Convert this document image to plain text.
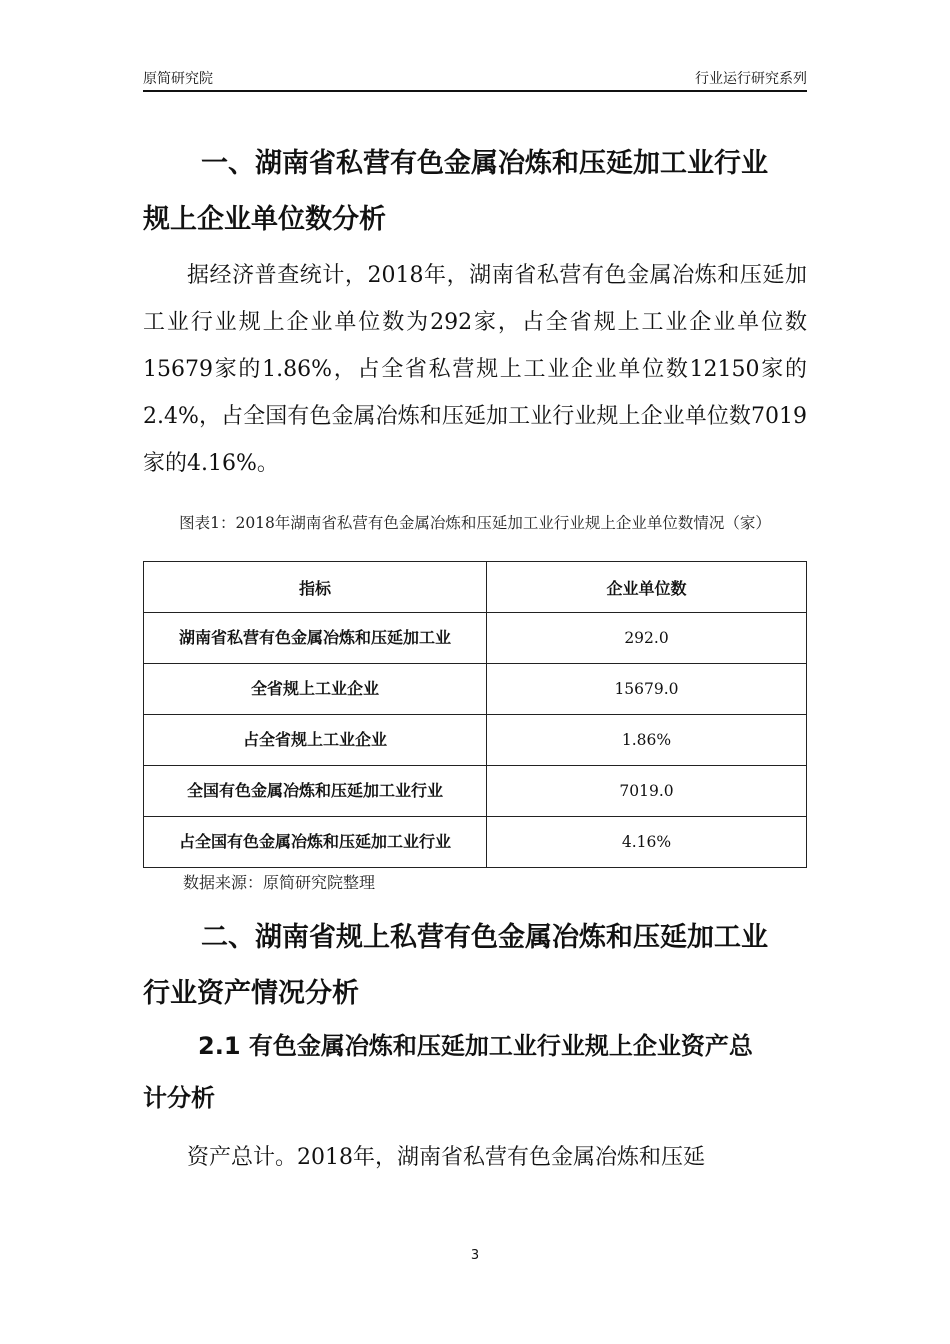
原简研究院	行业运行研究系列
一、湖南省私营有色金属冶炼和压延加工业行业
规上企业单位数分析
据经济普查统计，2018年，湖南省私营有色金属冶炼和压延加工业行业规上企业单位数为292家，占全省规上工业企业单位数15679家的1.86%，占全省私营规上工业企业单位数12150家的2.4%，占全国有色金属冶炼和压延加工业行业规上企业单位数7019家的4.16%。
图表1：2018年湖南省私营有色金属冶炼和压延加工业行业规上企业单位数情况（家）
指标	企业单位数
湖南省私营有色金属冶炼和压延加工业	292.0
全省规上工业企业	15679.0
占全省规上工业企业	1.86%
全国有色金属冶炼和压延加工业行业	7019.0
占全国有色金属冶炼和压延加工业行业	4.16%
数据来源：原简研究院整理
二、湖南省规上私营有色金属冶炼和压延加工业
行业资产情况分析
2.1 有色金属冶炼和压延加工业行业规上企业资产总
计分析
资产总计。2018年，湖南省私营有色金属冶炼和压延
3
